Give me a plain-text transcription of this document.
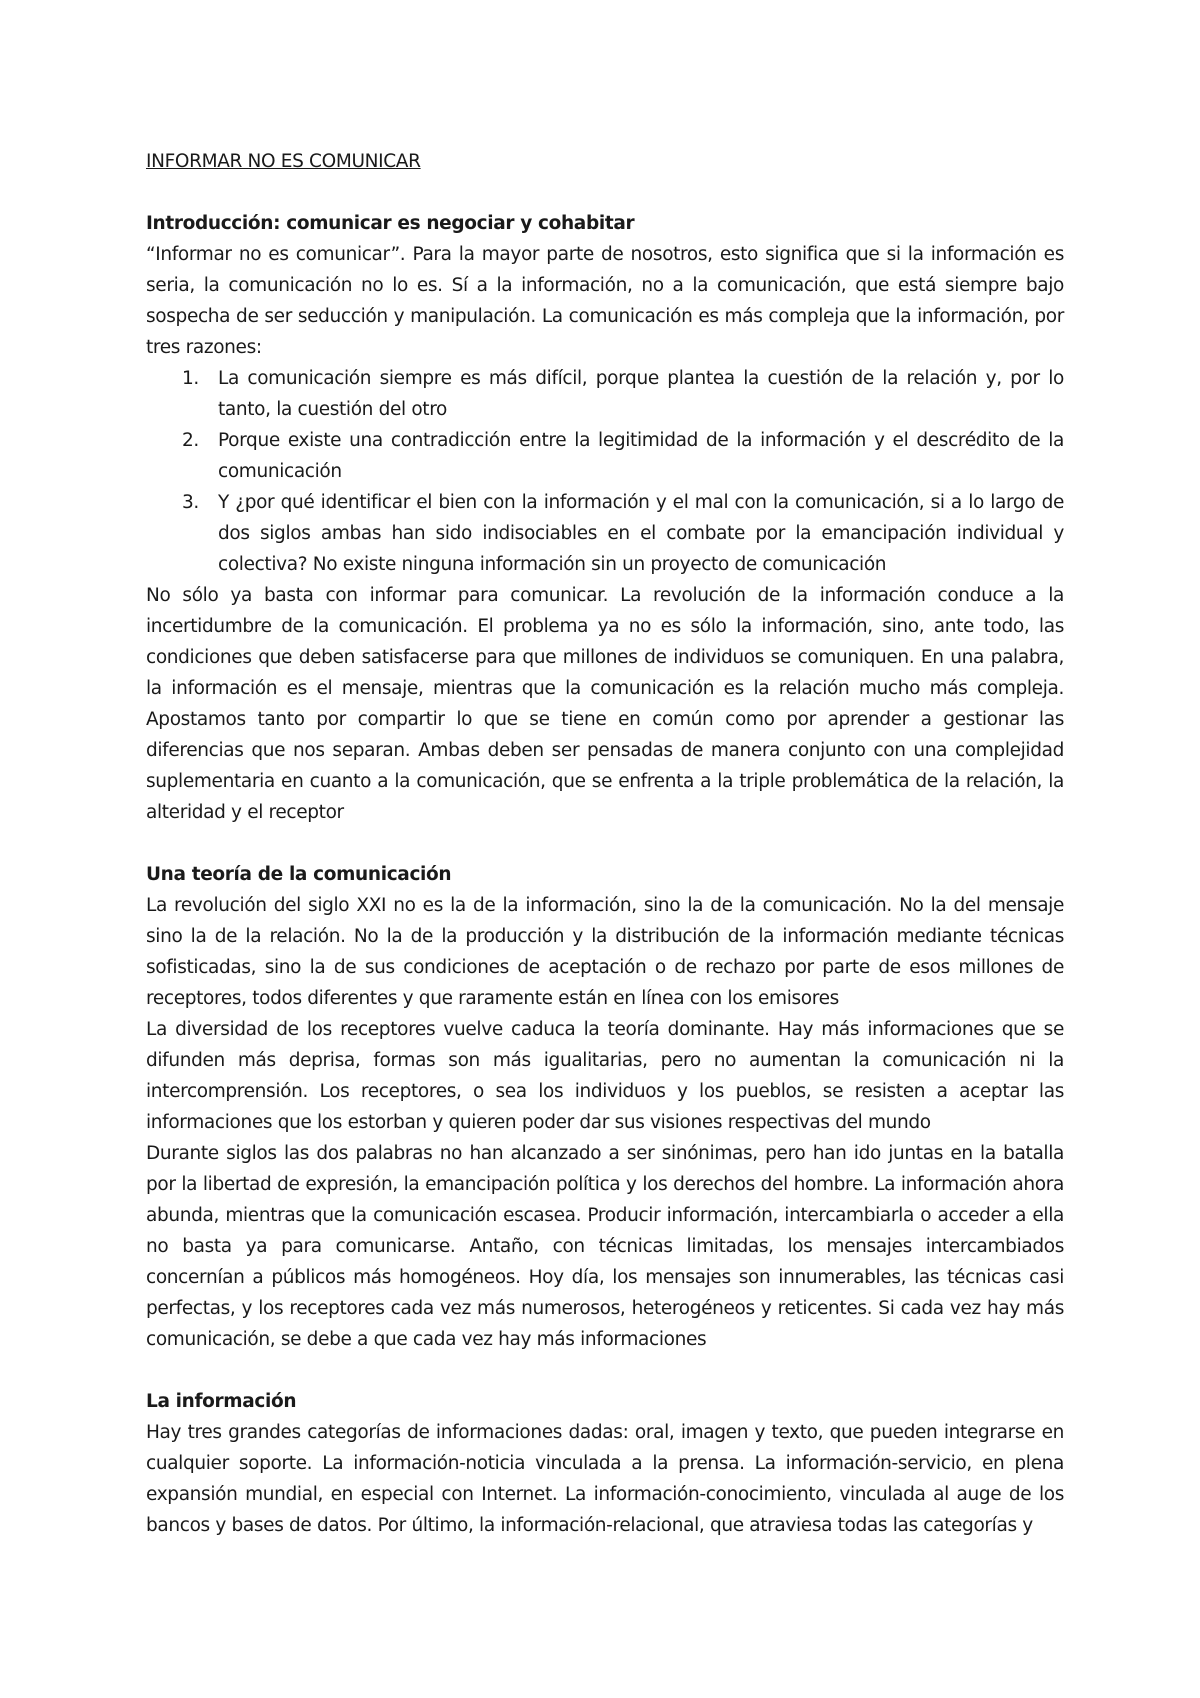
INFORMAR NO ES COMUNICAR

Introducción: comunicar es negociar y cohabitar

“Informar no es comunicar”. Para la mayor parte de nosotros, esto significa que si la información es seria, la comunicación no lo es. Sí a la información, no a la comunicación, que está siempre bajo sospecha de ser seducción y manipulación. La comunicación es más compleja que la información, por tres razones:

1. La comunicación siempre es más difícil, porque plantea la cuestión de la relación y, por lo tanto, la cuestión del otro
2. Porque existe una contradicción entre la legitimidad de la información y el descrédito de la comunicación
3. Y ¿por qué identificar el bien con la información y el mal con la comunicación, si a lo largo de dos siglos ambas han sido indisociables en el combate por la emancipación individual y colectiva? No existe ninguna información sin un proyecto de comunicación

No sólo ya basta con informar para comunicar. La revolución de la información conduce a la incertidumbre de la comunicación. El problema ya no es sólo la información, sino, ante todo, las condiciones que deben satisfacerse para que millones de individuos se comuniquen. En una palabra, la información es el mensaje, mientras que la comunicación es la relación mucho más compleja. Apostamos tanto por compartir lo que se tiene en común como por aprender a gestionar las diferencias que nos separan. Ambas deben ser pensadas de manera conjunto con una complejidad suplementaria en cuanto a la comunicación, que se enfrenta a la triple problemática de la relación, la alteridad y el receptor

Una teoría de la comunicación

La revolución del siglo XXI no es la de la información, sino la de la comunicación. No la del mensaje sino la de la relación. No la de la producción y la distribución de la información mediante técnicas sofisticadas, sino la de sus condiciones de aceptación o de rechazo por parte de esos millones de receptores, todos diferentes y que raramente están en línea con los emisores

La diversidad de los receptores vuelve caduca la teoría dominante. Hay más informaciones que se difunden más deprisa, formas son más igualitarias, pero no aumentan la comunicación ni la intercomprensión. Los receptores, o sea los individuos y los pueblos, se resisten a aceptar las informaciones que los estorban y quieren poder dar sus visiones respectivas del mundo

Durante siglos las dos palabras no han alcanzado a ser sinónimas, pero han ido juntas en la batalla por la libertad de expresión, la emancipación política y los derechos del hombre. La información ahora abunda, mientras que la comunicación escasea. Producir información, intercambiarla o acceder a ella no basta ya para comunicarse. Antaño, con técnicas limitadas, los mensajes intercambiados concernían a públicos más homogéneos. Hoy día, los mensajes son innumerables, las técnicas casi perfectas, y los receptores cada vez más numerosos, heterogéneos y reticentes. Si cada vez hay más comunicación, se debe a que cada vez hay más informaciones

La información

Hay tres grandes categorías de informaciones dadas: oral, imagen y texto, que pueden integrarse en cualquier soporte. La información-noticia vinculada a la prensa. La información-servicio, en plena expansión mundial, en especial con Internet. La información-conocimiento, vinculada al auge de los bancos y bases de datos. Por último, la información-relacional, que atraviesa todas las categorías y
